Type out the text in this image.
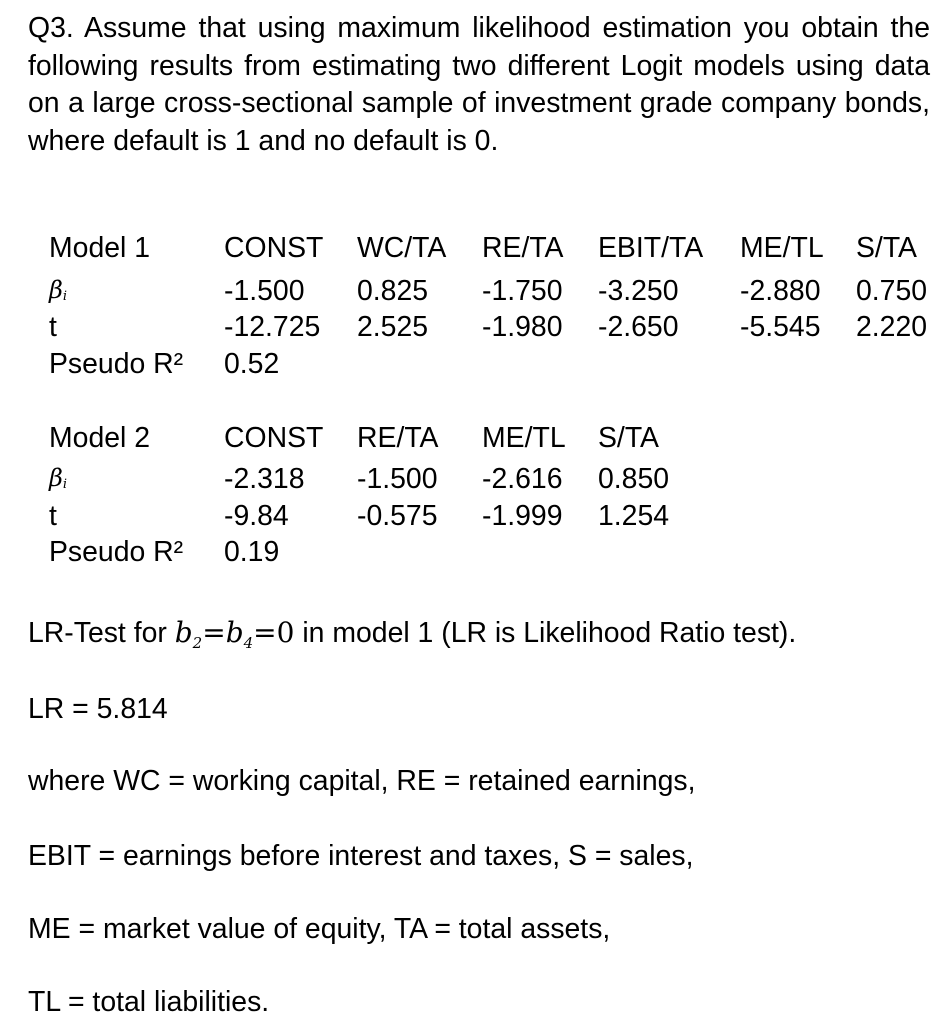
Q3. Assume that using maximum likelihood estimation you obtain the following results from estimating two different Logit models using data on a large cross-sectional sample of investment grade company bonds, where default is 1 and no default is 0.

Model 1	CONST WC/TA RE/TA EBIT/TA ME/TL S/TA
$\beta_i$	-1.500 0.825 -1.750 -3.250 -2.880 0.750
t	-12.725 2.525 -1.980 -2.650 -5.545 2.220
Pseudo R² 0.52
Model 2	CONST RE/TA ME/TL S/TA
$\beta_i$	-2.318 -1.500 -2.616 0.850
t	-9.84 -0.575 -1.999 1.254
Pseudo R² 0.19
LR-Test for $b_2=b_4=0$ in model 1 (LR is Likelihood Ratio test).
LR = 5.814
where WC = working capital, RE = retained earnings,
EBIT = earnings before interest and taxes, S = sales,
ME = market value of equity, TA = total assets,
TL = total liabilities.
